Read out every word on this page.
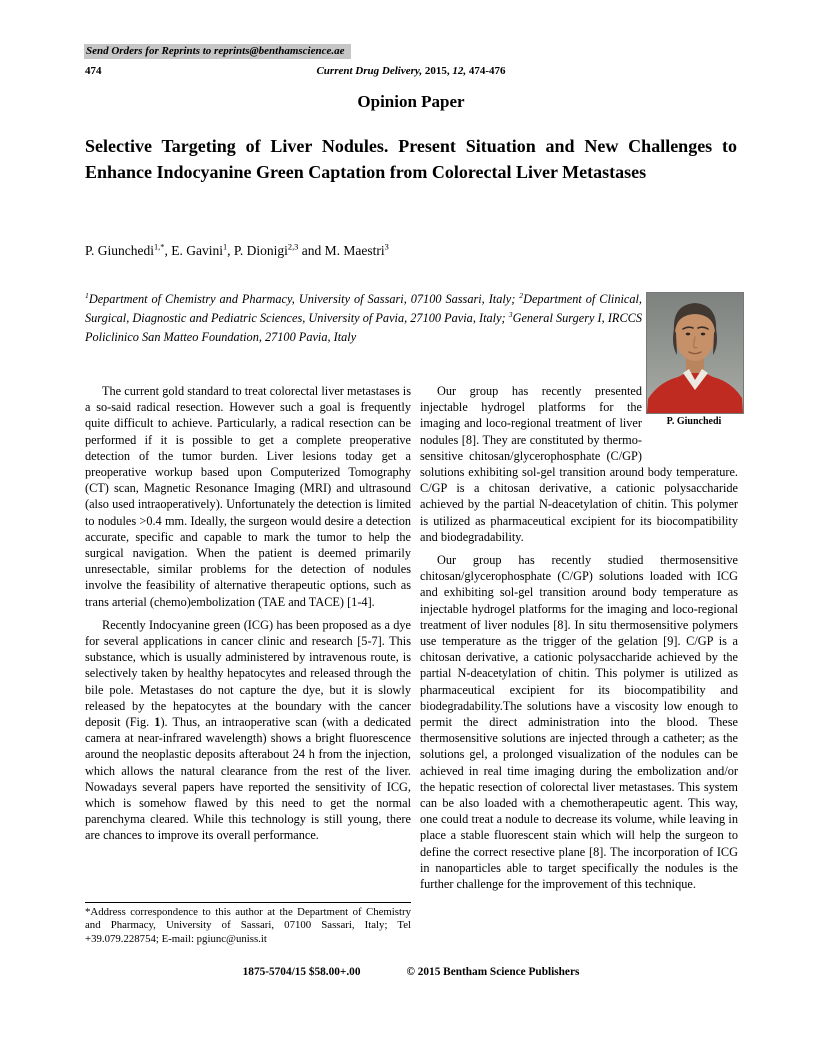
Send Orders for Reprints to reprints@benthamscience.ae
474	Current Drug Delivery, 2015, 12, 474-476
Opinion Paper
Selective Targeting of Liver Nodules. Present Situation and New Challenges to Enhance Indocyanine Green Captation from Colorectal Liver Metastases

P. Giunchedi$^{1,*}$, E. Gavini$^1$, P. Dionigi$^{2,3}$ and M. Maestri$^3$

$^1$Department of Chemistry and Pharmacy, University of Sassari, 07100 Sassari, Italy; $^2$Department of Clinical, Surgical, Diagnostic and Pediatric Sciences, University of Pavia, 27100 Pavia, Italy; $^3$General Surgery I, IRCCS Policlinico San Matteo Foundation, 27100 Pavia, Italy

P. Giunchedi

The current gold standard to treat colorectal liver metastases is a so-said radical resection. However such a goal is frequently quite difficult to achieve. Particularly, a radical resection can be performed if it is possible to get a complete preoperative detection of the tumor burden. Liver lesions today get a preoperative workup based upon Computerized Tomography (CT) scan, Magnetic Resonance Imaging (MRI) and ultrasound (also used intraoperatively). Unfortunately the detection is limited to nodules >0.4 mm. Ideally, the surgeon would desire a detection accurate, specific and capable to mark the tumor to help the surgical navigation. When the patient is deemed primarily unresectable, similar problems for the detection of nodules involve the feasibility of alternative therapeutic options, such as trans arterial (chemo)embolization (TAE and TACE) [1-4].

Recently Indocyanine green (ICG) has been proposed as a dye for several applications in cancer clinic and research [5-7]. This substance, which is usually administered by intravenous route, is selectively taken by healthy hepatocytes and released through the bile pole. Metastases do not capture the dye, but it is slowly released by the hepatocytes at the boundary with the cancer deposit (Fig. 1). Thus, an intraoperative scan (with a dedicated camera at near-infrared wavelength) shows a bright fluorescence around the neoplastic deposits afterabout 24 h from the injection, which allows the natural clearance from the rest of the liver. Nowadays several papers have reported the sensitivity of ICG, which is somehow flawed by this need to get the normal parenchyma cleared. While this technology is still young, there are chances to improve its overall performance.

*Address correspondence to this author at the Department of Chemistry and Pharmacy, University of Sassari, 07100 Sassari, Italy; Tel +39.079.228754; E-mail: pgiunc@uniss.it

Our group has recently presented injectable hydrogel platforms for the imaging and loco-regional treatment of liver nodules [8]. They are constituted by thermo-sensitive chitosan/glycerophosphate (C/GP) solutions exhibiting sol-gel transition around body temperature. C/GP is a chitosan derivative, a cationic polysaccharide achieved by the partial N-deacetylation of chitin. This polymer is utilized as pharmaceutical excipient for its biocompatibility and biodegradability.

Our group has recently studied thermosensitive chitosan/glycerophosphate (C/GP) solutions loaded with ICG and exhibiting sol-gel transition around body temperature as injectable hydrogel platforms for the imaging and loco-regional treatment of liver nodules [8]. In situ thermosensitive polymers use temperature as the trigger of the gelation [9]. C/GP is a chitosan derivative, a cationic polysaccharide achieved by the partial N-deacetylation of chitin. This polymer is utilized as pharmaceutical excipient for its biocompatibility and biodegradability.The solutions have a viscosity low enough to permit the direct administration into the blood. These thermosensitive solutions are injected through a catheter; as the solutions gel, a prolonged visualization of the nodules can be achieved in real time imaging during the embolization and/or the hepatic resection of colorectal liver metastases. This system can be also loaded with a chemotherapeutic agent. This way, one could treat a nodule to decrease its volume, while leaving in place a stable fluorescent stain which will help the surgeon to define the correct resective plane [8]. The incorporation of ICG in nanoparticles able to target specifically the nodules is the further challenge for the improvement of this technique.

1875-5704/15 $58.00+.00	© 2015 Bentham Science Publishers
